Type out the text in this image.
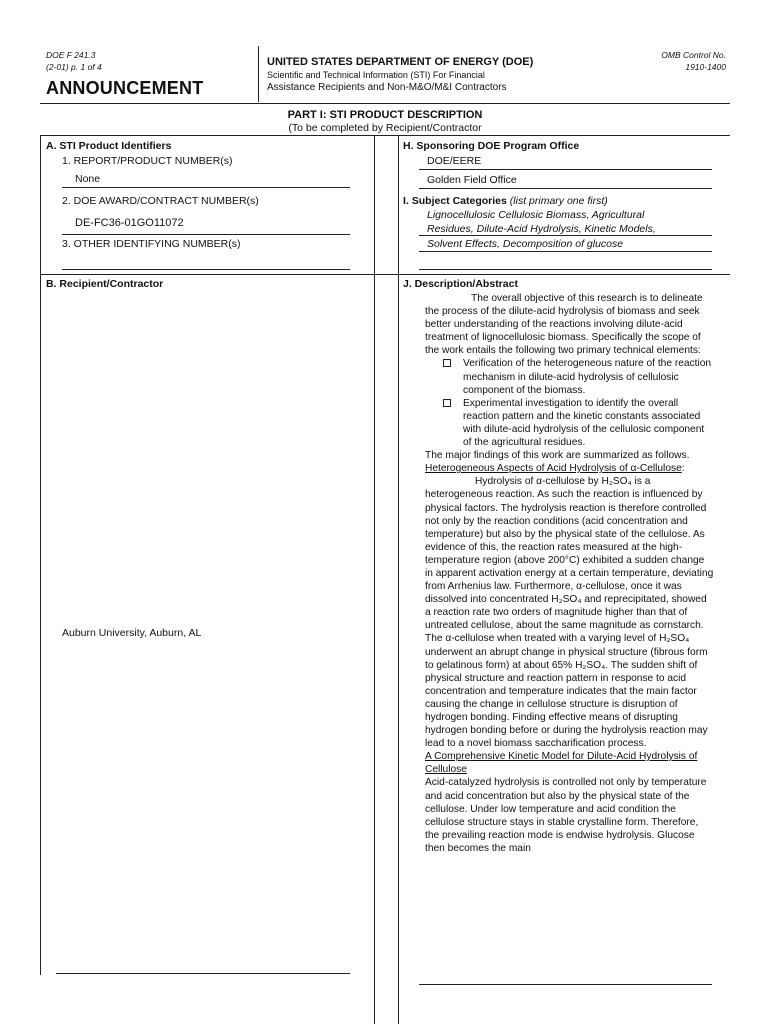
DOE F 241.3
(2-01) p. 1 of 4
ANNOUNCEMENT
UNITED STATES DEPARTMENT OF ENERGY (DOE)
Scientific and Technical Information (STI) For Financial
Assistance Recipients and Non-M&O/M&I Contractors
OMB Control No.
1910-1400
PART I: STI PRODUCT DESCRIPTION
(To be completed by Recipient/Contractor
A. STI Product Identifiers
1. REPORT/PRODUCT NUMBER(s)
None
2. DOE AWARD/CONTRACT NUMBER(s)
DE-FC36-01GO11072
3. OTHER IDENTIFYING NUMBER(s)
H. Sponsoring DOE Program Office
DOE/EERE
Golden Field Office
I. Subject Categories (list primary one first)
Lignocellulosic Cellulosic Biomass, Agricultural
Residues, Dilute-Acid Hydrolysis, Kinetic Models,
Solvent Effects, Decomposition of glucose
B. Recipient/Contractor
Auburn University, Auburn, AL
J. Description/Abstract

The overall objective of this research is to delineate the process of the dilute-acid hydrolysis of biomass and seek better understanding of the reactions involving dilute-acid treatment of lignocellulosic biomass. Specifically the scope of the work entails the following two primary technical elements:

Verification of the heterogeneous nature of the reaction mechanism in dilute-acid hydrolysis of cellulosic component of the biomass.
Experimental investigation to identify the overall reaction pattern and the kinetic constants associated with dilute-acid hydrolysis of the cellulosic component of the agricultural residues.

The major findings of this work are summarized as follows.

Heterogeneous Aspects of Acid Hydrolysis of α-Cellulose:

Hydrolysis of α-cellulose by H₂SO₄ is a heterogeneous reaction. As such the reaction is influenced by physical factors. The hydrolysis reaction is therefore controlled not only by the reaction conditions (acid concentration and temperature) but also by the physical state of the cellulose. As evidence of this, the reaction rates measured at the high-temperature region (above 200°C) exhibited a sudden change in apparent activation energy at a certain temperature, deviating from Arrhenius law. Furthermore, α-cellulose, once it was dissolved into concentrated H₂SO₄ and reprecipitated, showed a reaction rate two orders of magnitude higher than that of untreated cellulose, about the same magnitude as cornstarch. The α-cellulose when treated with a varying level of H₂SO₄ underwent an abrupt change in physical structure (fibrous form to gelatinous form) at about 65% H₂SO₄. The sudden shift of physical structure and reaction pattern in response to acid concentration and temperature indicates that the main factor causing the change in cellulose structure is disruption of hydrogen bonding. Finding effective means of disrupting hydrogen bonding before or during the hydrolysis reaction may lead to a novel biomass saccharification process.

A Comprehensive Kinetic Model for Dilute-Acid Hydrolysis of Cellulose

Acid-catalyzed hydrolysis is controlled not only by temperature and acid concentration but also by the physical state of the cellulose. Under low temperature and acid condition the cellulose structure stays in stable crystalline form. Therefore, the prevailing reaction mode is endwise hydrolysis. Glucose then becomes the main
